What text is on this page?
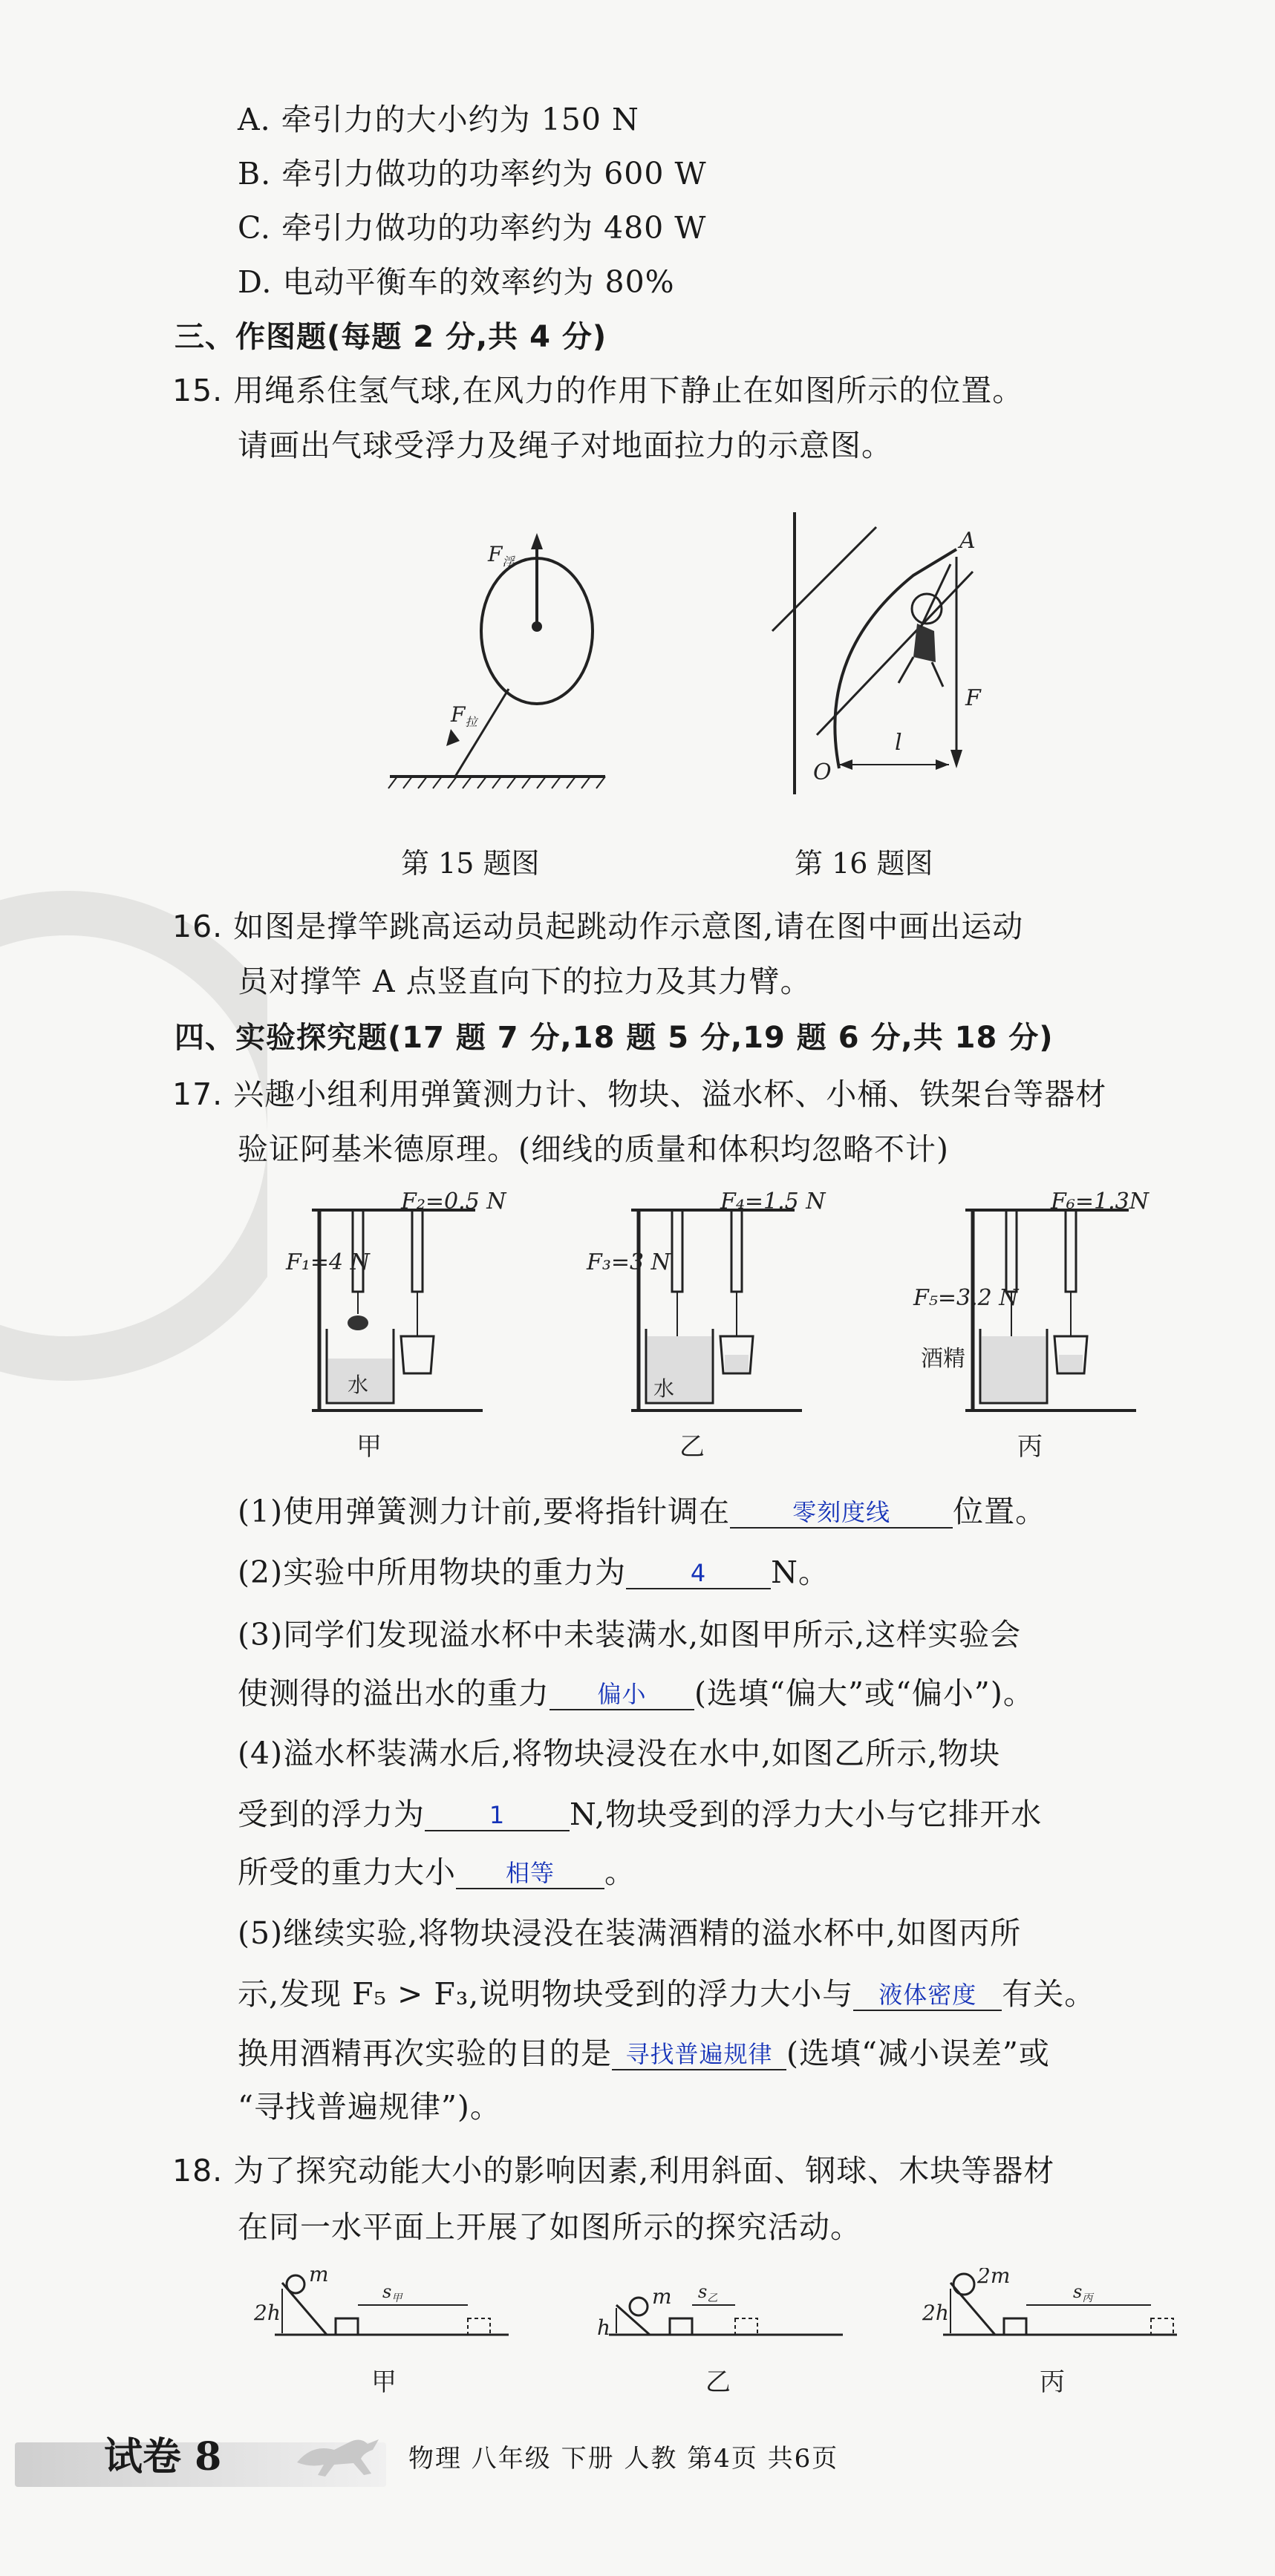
A. 牵引力的大小约为 150 N
B. 牵引力做功的功率约为 600 W
C. 牵引力做功的功率约为 480 W
D. 电动平衡车的效率约为 80%
三、作图题(每题 2 分,共 4 分)
15. 用绳系住氢气球,在风力的作用下静止在如图所示的位置。
请画出气球受浮力及绳子对地面拉力的示意图。
$F_浮$
$F_拉$
A
F
O
l
第 15 题图	第 16 题图
16. 如图是撑竿跳高运动员起跳动作示意图,请在图中画出运动
员对撑竿 A 点竖直向下的拉力及其力臂。
四、实验探究题(17 题 7 分,18 题 5 分,19 题 6 分,共 18 分)
17. 兴趣小组利用弹簧测力计、物块、溢水杯、小桶、铁架台等器材
验证阿基米德原理。(细线的质量和体积均忽略不计)
水
F₁=4 N
F₂=0.5 N
甲
水
F₃=3 N
F₄=1.5 N
乙
F₅=3.2 N
F₆=1.3N
酒精
丙
(1)使用弹簧测力计前,要将指针调在	零刻度线 位置。
(2)实验中所用物块的重力为	4 N。
(3)同学们发现溢水杯中未装满水,如图甲所示,这样实验会
使测得的溢出水的重力 偏小 (选填“偏大”或“偏小”)。
(4)溢水杯装满水后,将物块浸没在水中,如图乙所示,物块
受到的浮力为	1 N,物块受到的浮力大小与它排开水
所受的重力大小 相等 。
(5)继续实验,将物块浸没在装满酒精的溢水杯中,如图丙所
示,发现 F₅ > F₃,说明物块受到的浮力大小与 液体密度 有关。
换用酒精再次实验的目的是 寻找普遍规律 (选填“减小误差”或
“寻找普遍规律”)。
18. 为了探究动能大小的影响因素,利用斜面、钢球、木块等器材
在同一水平面上开展了如图所示的探究活动。
m
2h
$s_甲$
甲
m
h
$s_乙$
乙
2m
2h
$s_丙$
丙
试卷 8	物理 八年级 下册 人教 第4页 共6页
